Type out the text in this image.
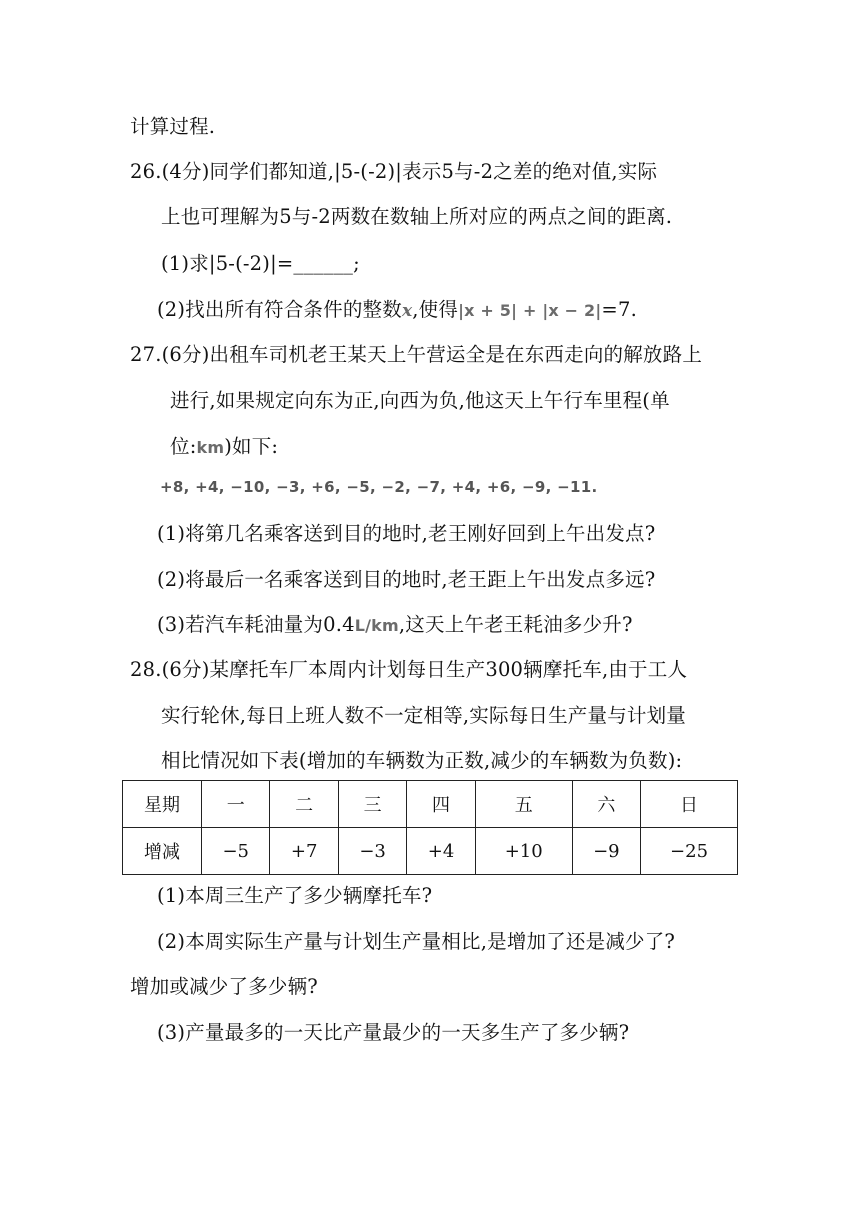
计算过程.
26.(4分)同学们都知道,|5-(-2)|表示5与-2之差的绝对值,实际
上也可理解为5与-2两数在数轴上所对应的两点之间的距离.
(1)求|5-(-2)|=______;
(2)找出所有符合条件的整数x,使得|x + 5| + |x − 2|=7.
27.(6分)出租车司机老王某天上午营运全是在东西走向的解放路上
进行,如果规定向东为正,向西为负,他这天上午行车里程(单
位:km)如下:
+8, +4, −10, −3, +6, −5, −2, −7, +4, +6, −9, −11.
(1)将第几名乘客送到目的地时,老王刚好回到上午出发点?
(2)将最后一名乘客送到目的地时,老王距上午出发点多远?
(3)若汽车耗油量为0.4L/km,这天上午老王耗油多少升?
28.(6分)某摩托车厂本周内计划每日生产300辆摩托车,由于工人
实行轮休,每日上班人数不一定相等,实际每日生产量与计划量
相比情况如下表(增加的车辆数为正数,减少的车辆数为负数):
星期	一	二	三	四	五	六	日
增减	−5	+7	−3	+4	+10	−9	−25
(1)本周三生产了多少辆摩托车?
(2)本周实际生产量与计划生产量相比,是增加了还是减少了?
增加或减少了多少辆?
(3)产量最多的一天比产量最少的一天多生产了多少辆?
